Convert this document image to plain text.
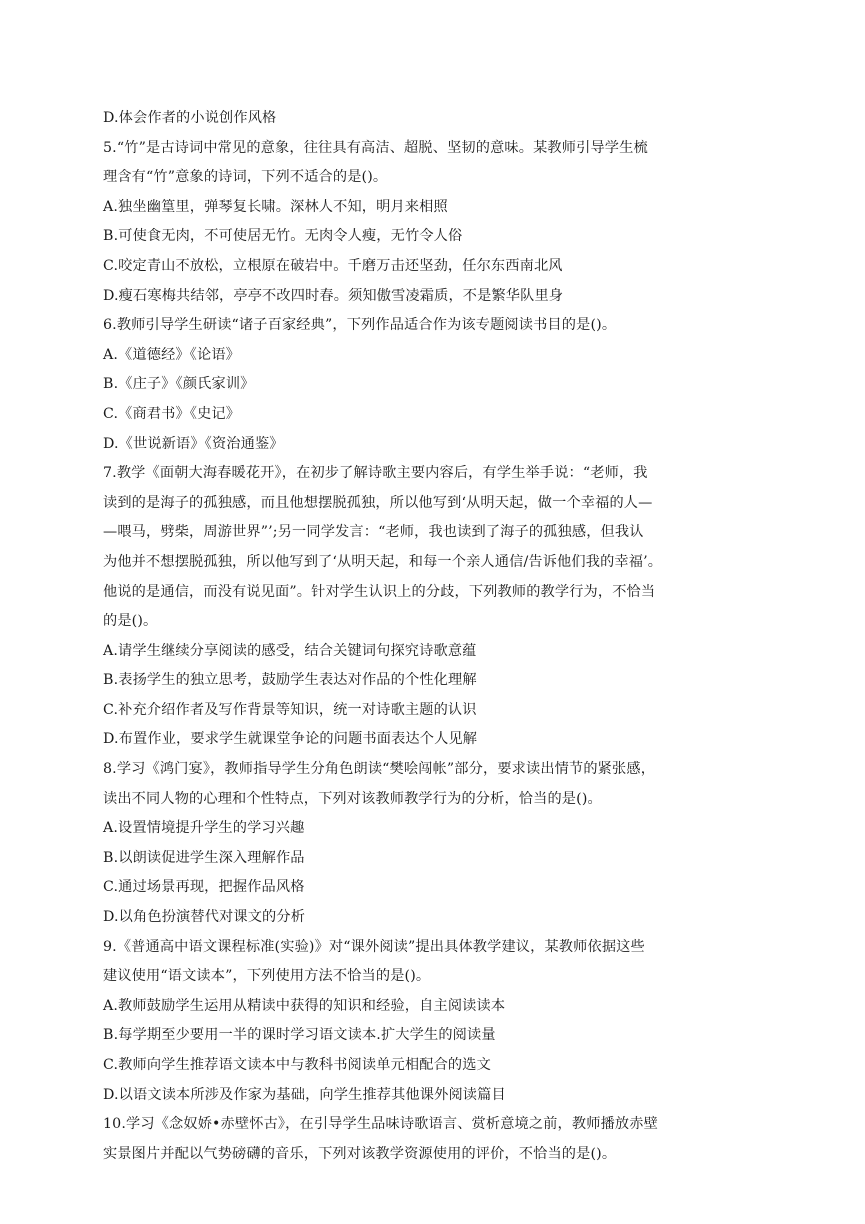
D.体会作者的小说创作风格
5.“竹”是古诗词中常见的意象，往往具有高洁、超脱、坚韧的意味。某教师引导学生梳
理含有“竹”意象的诗词，下列不适合的是()。
A.独坐幽篁里，弹琴复长啸。深林人不知，明月来相照
B.可使食无肉，不可使居无竹。无肉令人瘦，无竹令人俗
C.咬定青山不放松，立根原在破岩中。千磨万击还坚劲，任尔东西南北风
D.瘦石寒梅共结邻，亭亭不改四时春。须知傲雪凌霜质，不是繁华队里身
6.教师引导学生研读“诸子百家经典”，下列作品适合作为该专题阅读书目的是()。
A.《道德经》《论语》
B.《庄子》《颜氏家训》
C.《商君书》《史记》
D.《世说新语》《资治通鉴》
7.教学《面朝大海春暖花开》，在初步了解诗歌主要内容后，有学生举手说：“老师，我
读到的是海子的孤独感，而且他想摆脱孤独，所以他写到‘从明天起，做一个幸福的人—
—喂马，劈柴，周游世界”’;另一同学发言：“老师，我也读到了海子的孤独感，但我认
为他并不想摆脱孤独，所以他写到了‘从明天起，和每一个亲人通信/告诉他们我的幸福’。
他说的是通信，而没有说见面”。针对学生认识上的分歧，下列教师的教学行为，不恰当
的是()。
A.请学生继续分享阅读的感受，结合关键词句探究诗歌意蕴
B.表扬学生的独立思考，鼓励学生表达对作品的个性化理解
C.补充介绍作者及写作背景等知识，统一对诗歌主题的认识
D.布置作业，要求学生就课堂争论的问题书面表达个人见解
8.学习《鸿门宴》，教师指导学生分角色朗读“樊哙闯帐”部分，要求读出情节的紧张感，
读出不同人物的心理和个性特点，下列对该教师教学行为的分析，恰当的是()。
A.设置情境提升学生的学习兴趣
B.以朗读促进学生深入理解作品
C.通过场景再现，把握作品风格
D.以角色扮演替代对课文的分析
9.《普通高中语文课程标准(实验)》对“课外阅读”提出具体教学建议，某教师依据这些
建议使用“语文读本”，下列使用方法不恰当的是()。
A.教师鼓励学生运用从精读中获得的知识和经验，自主阅读读本
B.每学期至少要用一半的课时学习语文读本.扩大学生的阅读量
C.教师向学生推荐语文读本中与教科书阅读单元相配合的选文
D.以语文读本所涉及作家为基础，向学生推荐其他课外阅读篇目
10.学习《念奴娇•赤壁怀古》，在引导学生品味诗歌语言、赏析意境之前，教师播放赤壁
实景图片并配以气势磅礴的音乐，下列对该教学资源使用的评价，不恰当的是()。
